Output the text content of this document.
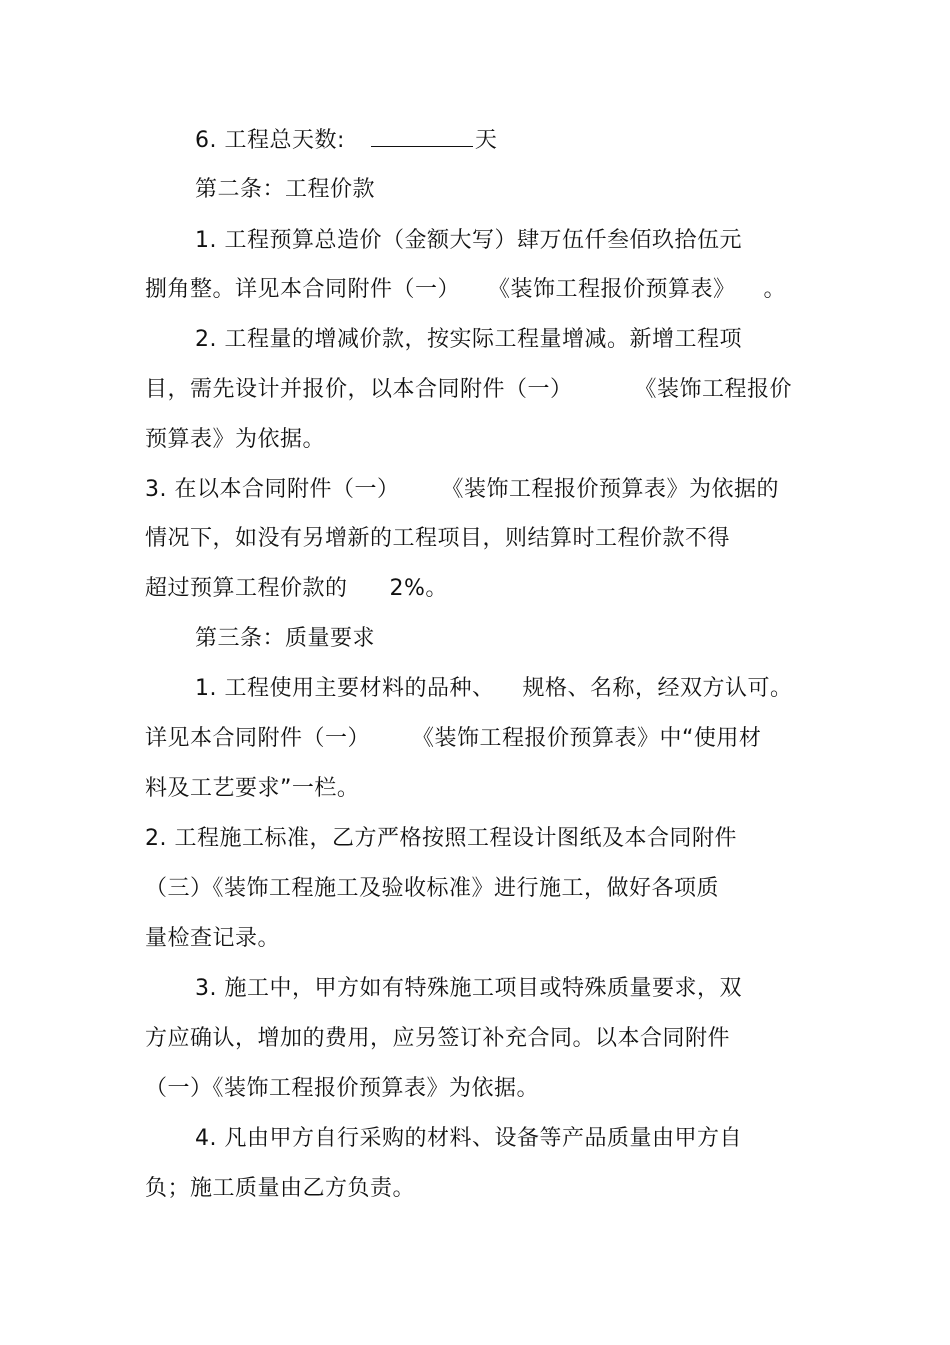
6. 工程总天数:	天
第二条：工程价款
1. 工程预算总造价（金额大写）肆万伍仟叁佰玖拾伍元
捌角整。详见本合同附件（一） 《装饰工程报价预算表》 。
2. 工程量的增减价款，按实际工程量增减。新增工程项
目，需先设计并报价，以本合同附件（一）	《装饰工程报价
预算表》为依据。
3. 在以本合同附件（一） 《装饰工程报价预算表》为依据的
情况下，如没有另增新的工程项目，则结算时工程价款不得
超过预算工程价款的 2%。
第三条：质量要求
1. 工程使用主要材料的品种、 规格、名称，经双方认可。
详见本合同附件（一） 《装饰工程报价预算表》中“使用材
料及工艺要求”一栏。
2. 工程施工标准，乙方严格按照工程设计图纸及本合同附件
（三）《装饰工程施工及验收标准》进行施工，做好各项质
量检查记录。
3. 施工中，甲方如有特殊施工项目或特殊质量要求，双
方应确认，增加的费用，应另签订补充合同。以本合同附件
（一）《装饰工程报价预算表》为依据。
4. 凡由甲方自行采购的材料、设备等产品质量由甲方自
负；施工质量由乙方负责。
